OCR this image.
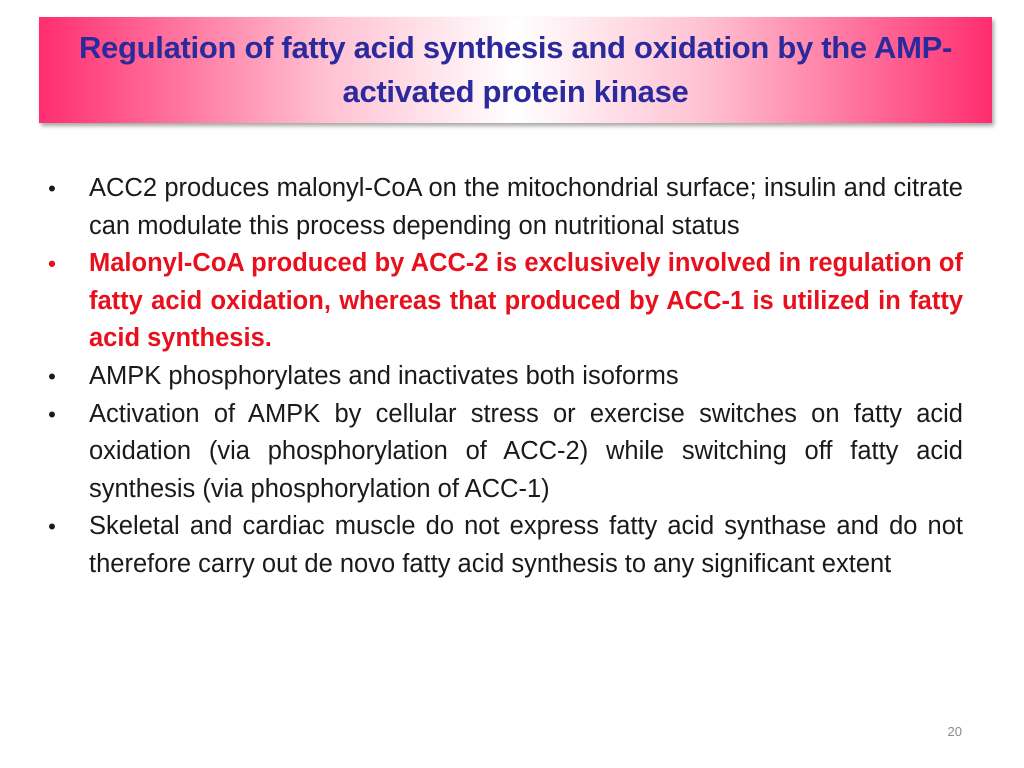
Regulation of fatty acid synthesis and oxidation by the AMP-activated protein kinase
• ACC2 produces malonyl-CoA on the mitochondrial surface; insulin and citrate can modulate this process depending on nutritional status
• Malonyl-CoA produced by ACC-2 is exclusively involved in regulation of fatty acid oxidation, whereas that produced by ACC-1 is utilized in fatty acid synthesis.
• AMPK phosphorylates and inactivates both isoforms
• Activation of AMPK by cellular stress or exercise switches on fatty acid oxidation (via phosphorylation of ACC-2) while switching off fatty acid synthesis (via phosphorylation of ACC-1)
• Skeletal and cardiac muscle do not express fatty acid synthase and do not therefore carry out de novo fatty acid synthesis to any significant extent
20
